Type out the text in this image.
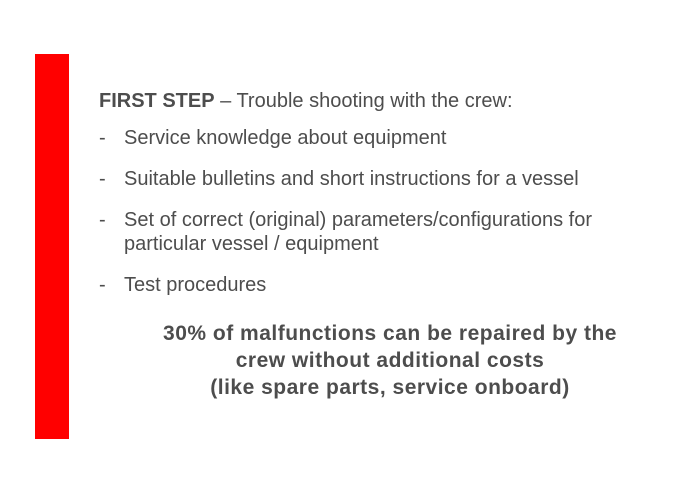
FIRST STEP – Trouble shooting with the crew:
- Service knowledge about equipment
- Suitable bulletins and short instructions for a vessel
- Set of correct (original) parameters/configurations for particular vessel / equipment
- Test procedures
30% of malfunctions can be repaired by the
crew without additional costs
(like spare parts, service onboard)
